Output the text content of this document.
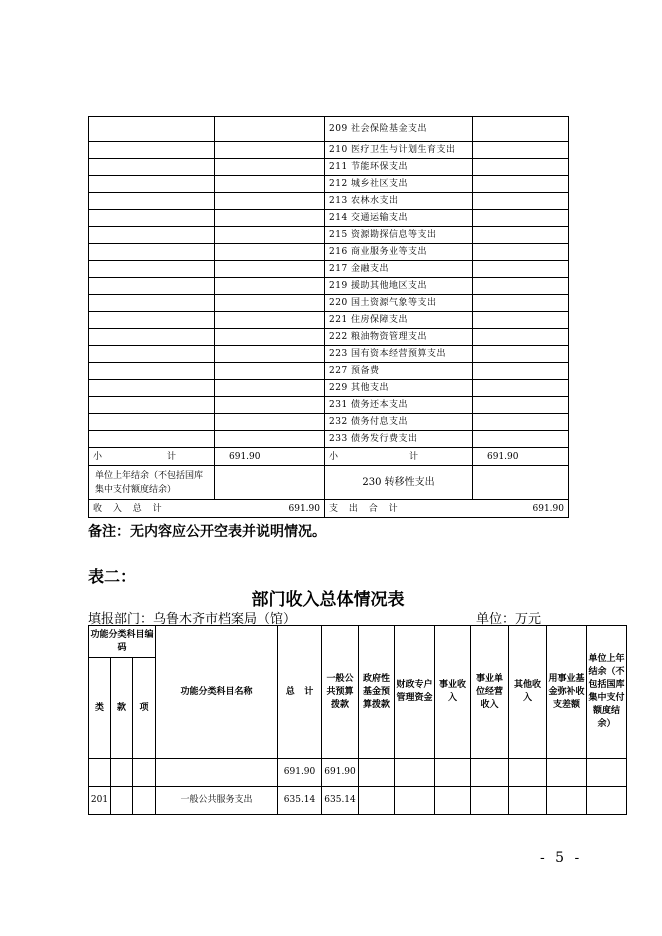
		209 社会保险基金支出	
		210 医疗卫生与计划生育支出	
		211 节能环保支出	
		212 城乡社区支出	
		213 农林水支出	
		214 交通运输支出	
		215 资源勘探信息等支出	
		216 商业服务业等支出	
		217 金融支出	
		219 援助其他地区支出	
		220 国土资源气象等支出	
		221 住房保障支出	
		222 粮油物资管理支出	
		223 国有资本经营预算支出	
		227 预备费	
		229 其他支出	
		231 债务还本支出	
		232 债务付息支出	
		233 债务发行费支出	

小 计	691.90	小 计	691.90
单位上年结余（不包括国库集中支付额度结余）		230 转移性支出	

收 入 总 计 691.90		支 出 合 计 691.90	

备注：无内容应公开空表并说明情况。

表二：

部门收入总体情况表
填报部门：乌鲁木齐市档案局（馆）	单位：万元
功能分类科目编码			功能分类科目名称	总 计	一般公共预算拨款	政府性基金预算拨款	财政专户管理资金	事业收入	事业单位经营收入	其他收入	用事业基金弥补收支差额	单位上年结余（不包括国库集中支付额度结余）
类	款	项										
				691.90	691.90							
201			一般公共服务支出	635.14	635.14							
- 5 -
